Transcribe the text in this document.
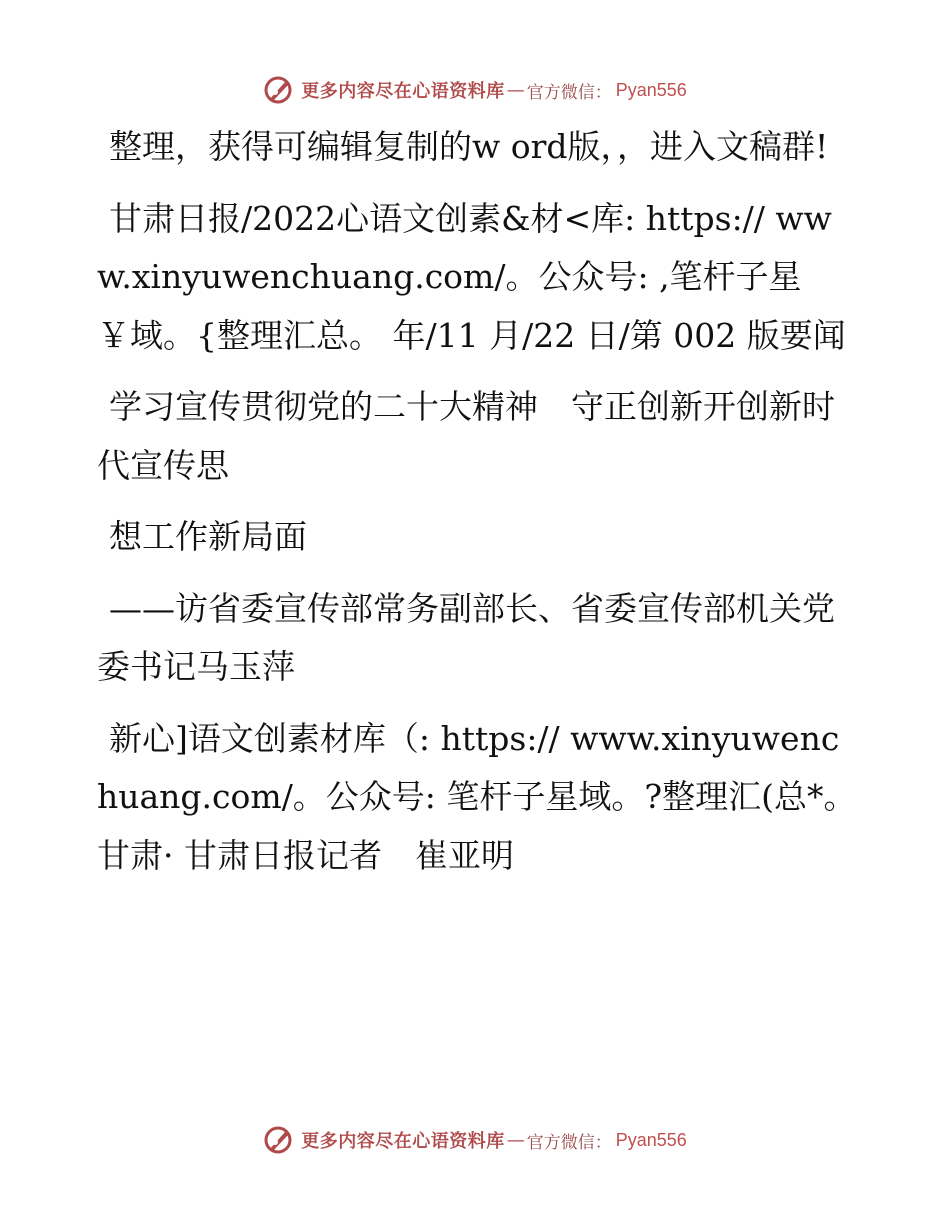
更多内容尽在心语资料库 — 官方微信： Pyan556

整理，获得可编辑复制的w ord版，，进入文稿群!

甘肃日报/2022心语文创素&材<库: https:// www.xinyuwenchuang.com/。公众号: ,笔杆子星￥域。{整理汇总。 年/11 月/22 日/第 002 版要闻

学习宣传贯彻党的二十大精神　守正创新开创新时代宣传思

想工作新局面

——访省委宣传部常务副部长、省委宣传部机关党委书记马玉萍

新心]语文创素材库（: https:// www.xinyuwenchuang.com/。公众号: 笔杆子星域。?整理汇(总*。甘肃· 甘肃日报记者　崔亚明

更多内容尽在心语资料库 — 官方微信： Pyan556
